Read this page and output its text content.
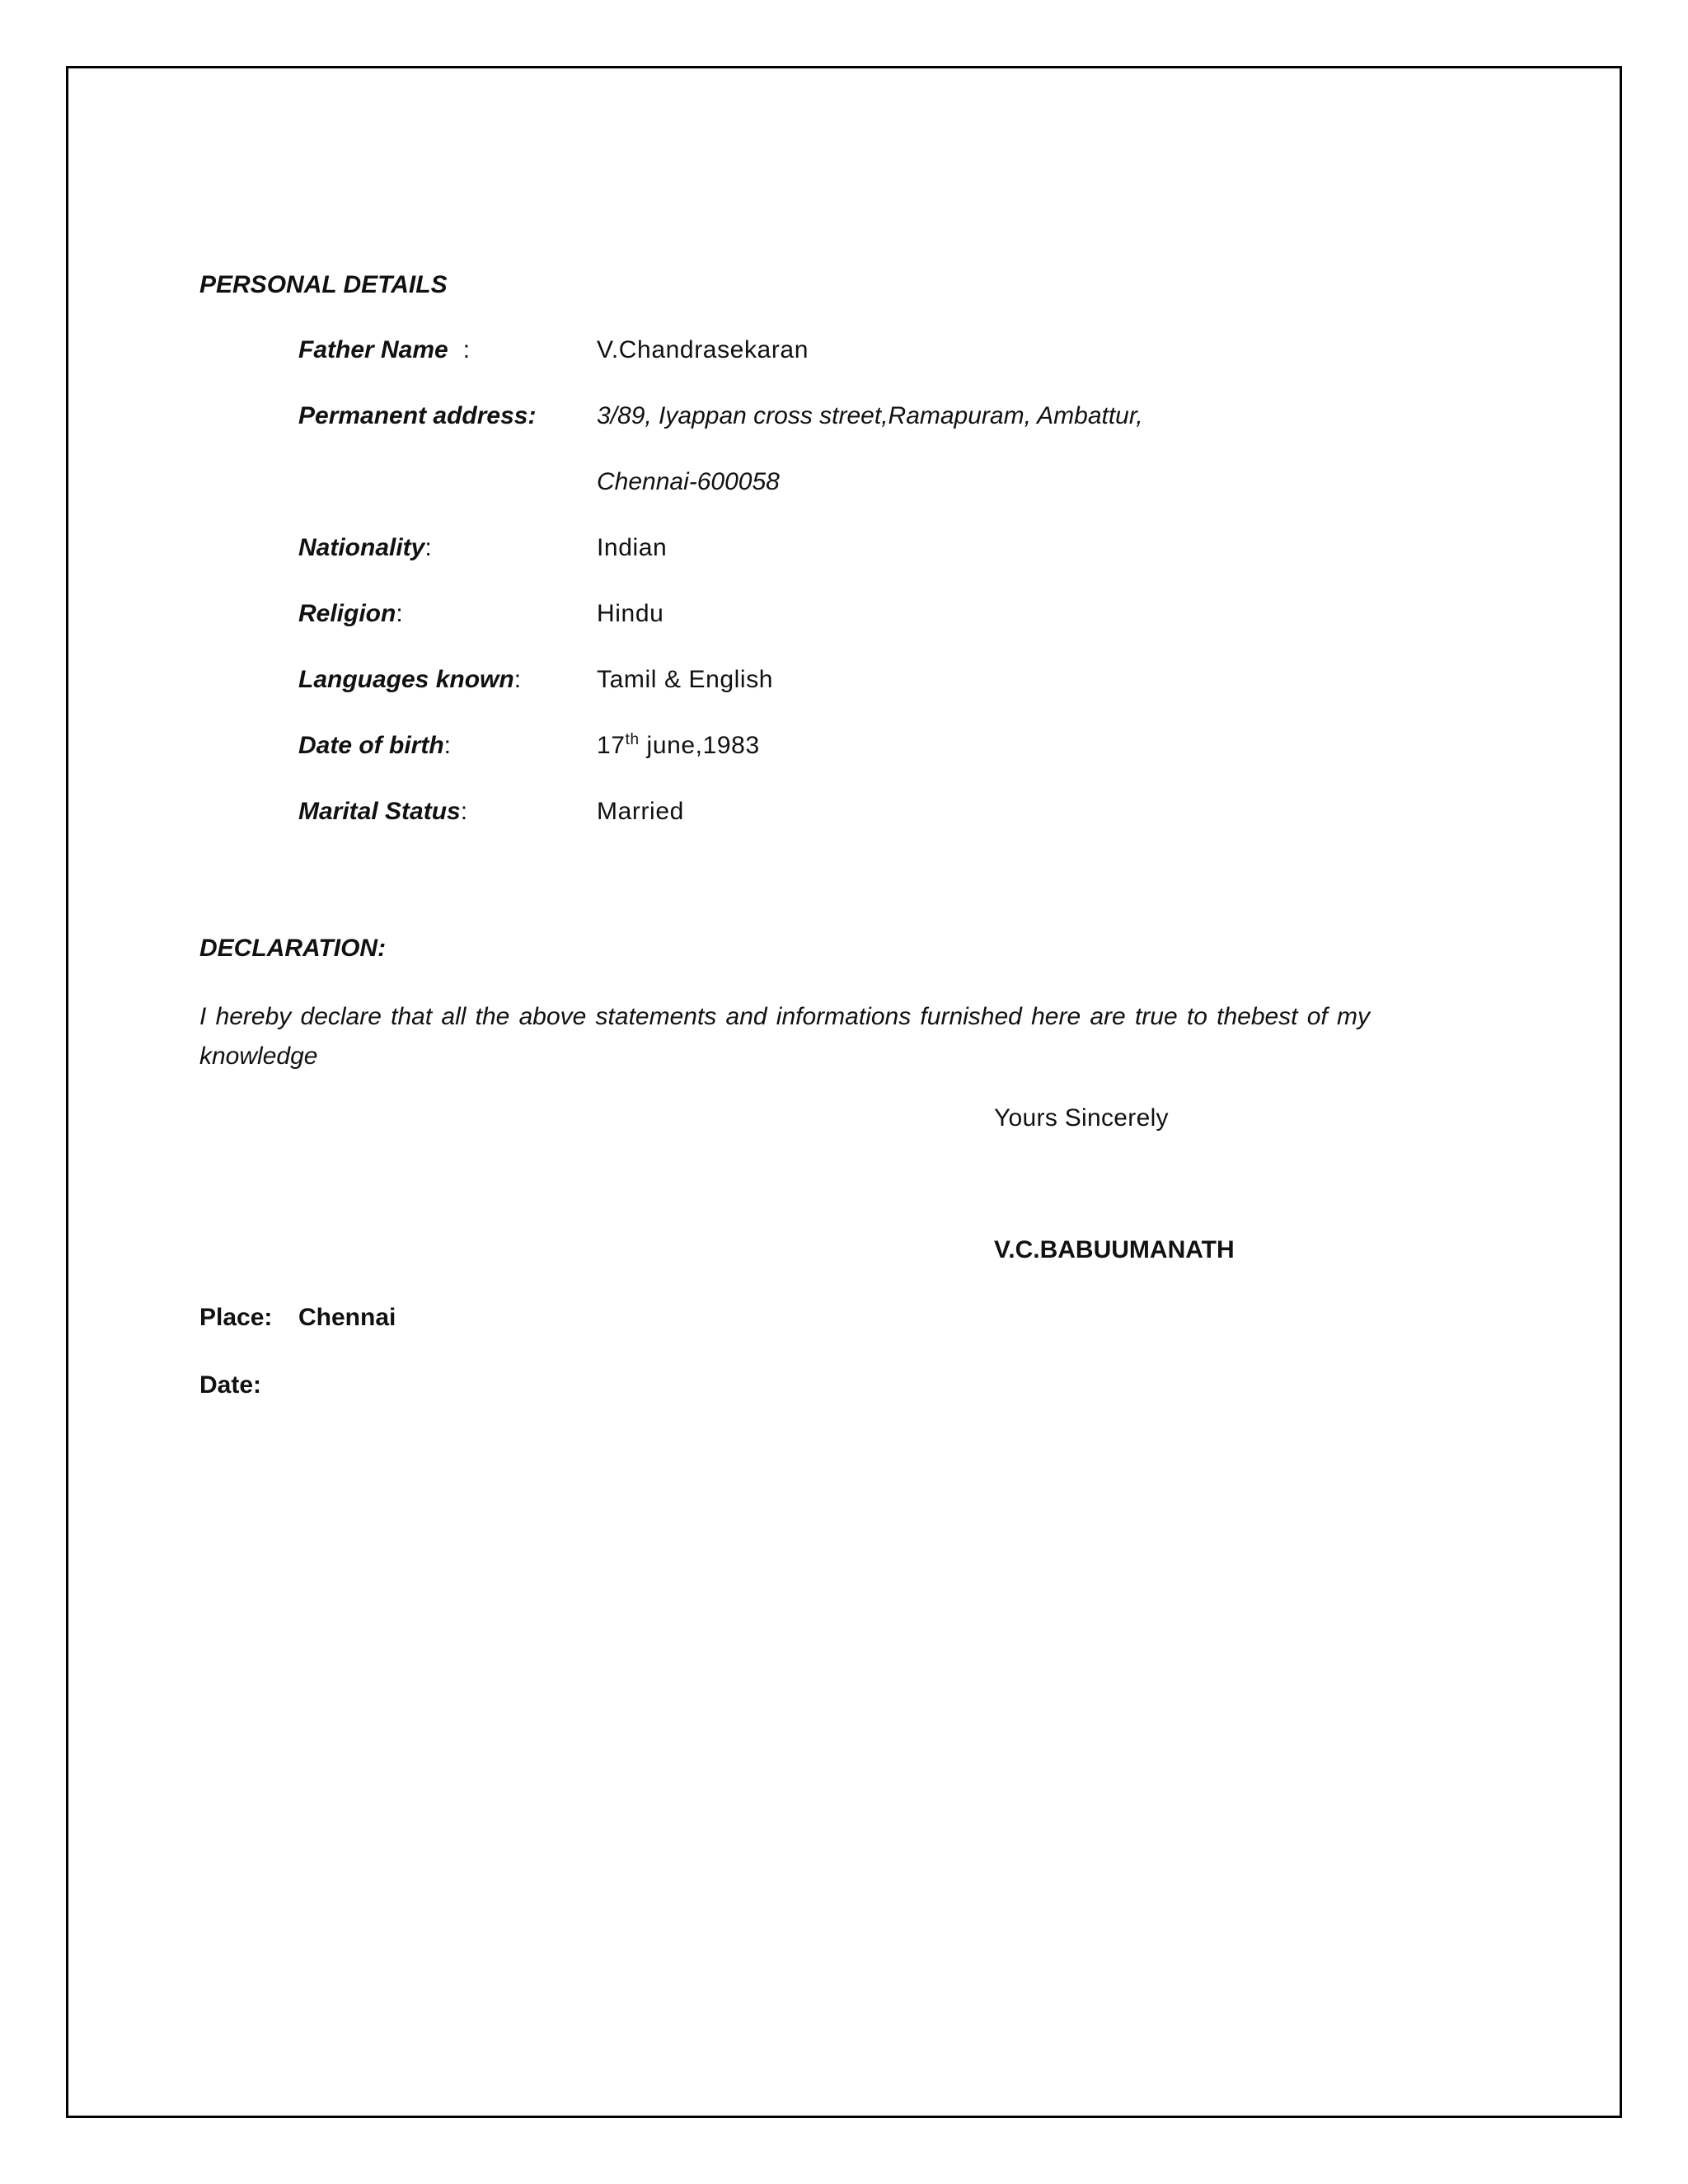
PERSONAL DETAILS
Father Name :	V.Chandrasekaran
Permanent address: 3/89, Iyappan cross street,Ramapuram, Ambattur,
Chennai-600058
Nationality:	Indian
Religion:	Hindu
Languages known:	Tamil & English
Date of birth:	17th june,1983
Marital Status:	Married
DECLARATION:
I hereby declare that all the above statements and informations furnished here are true to thebest of my knowledge
Yours Sincerely
V.C.BABUUMANATH
Place: Chennai
Date:
